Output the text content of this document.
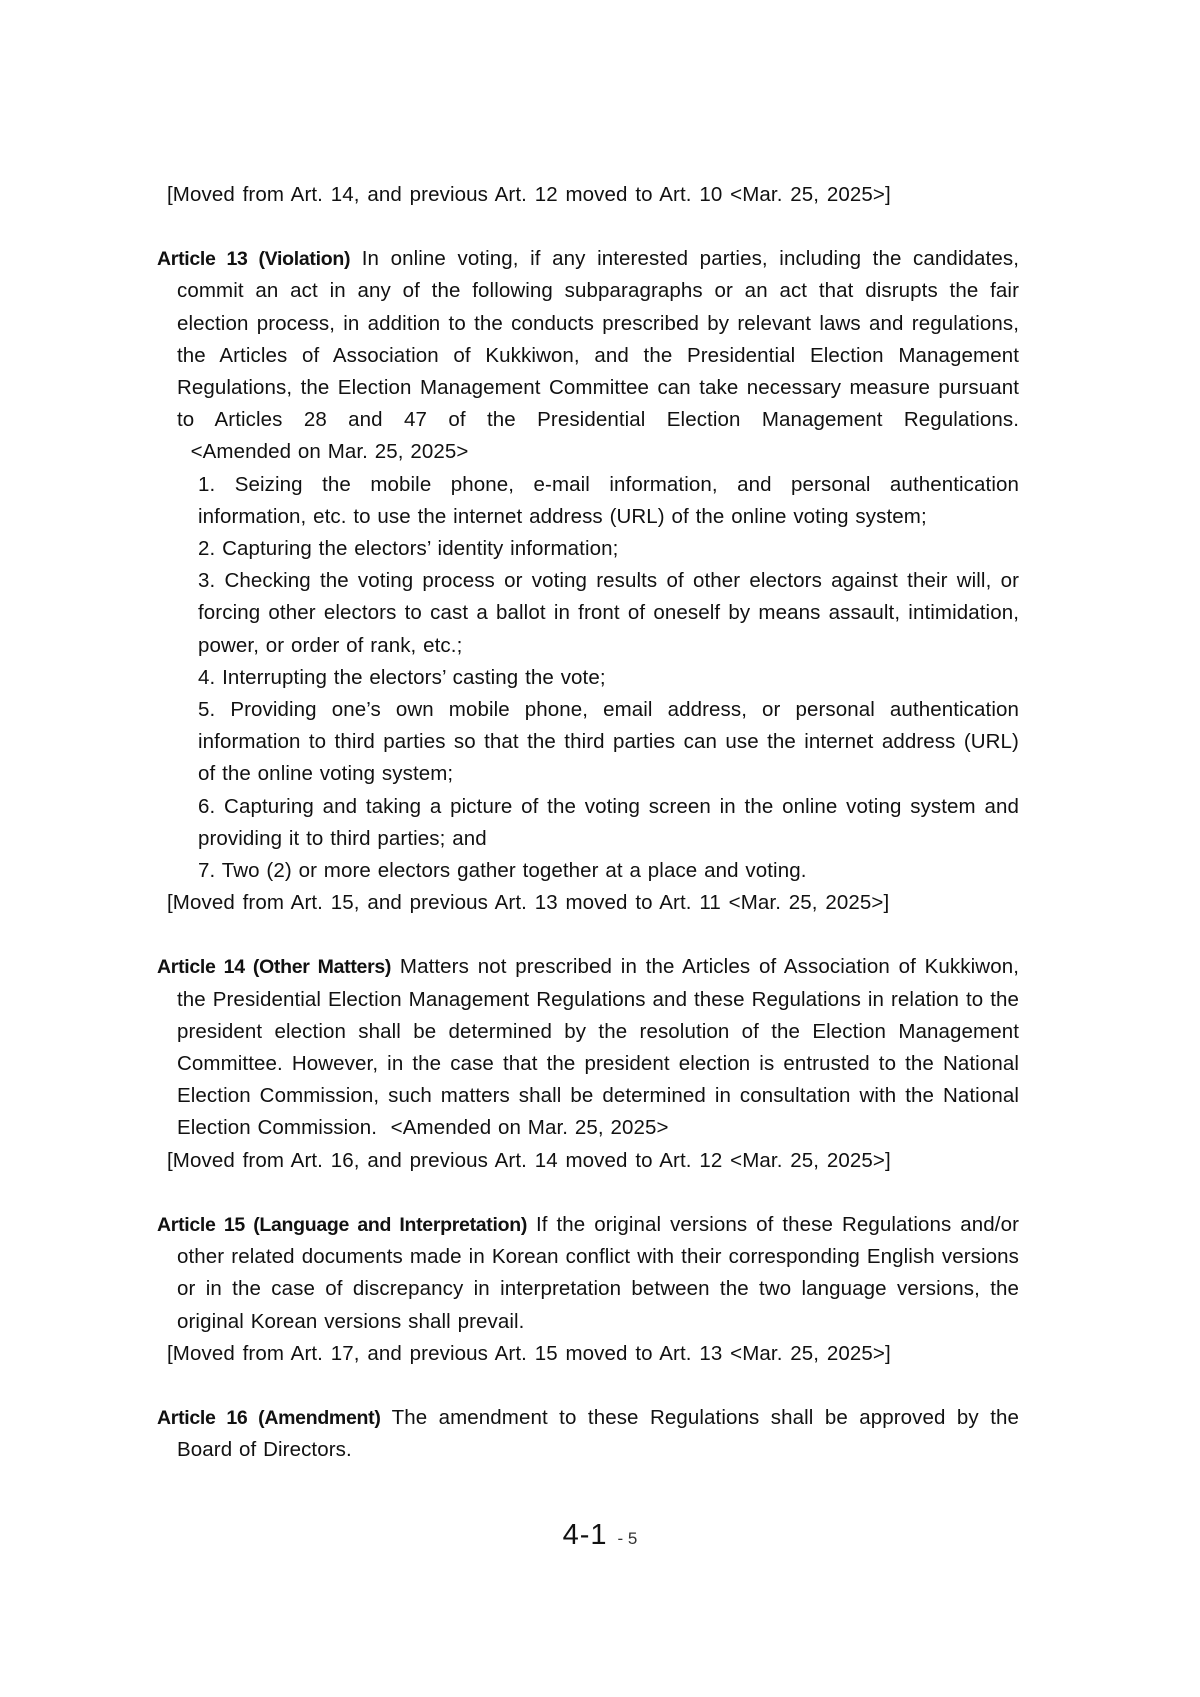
[Moved from Art. 14, and previous Art. 12 moved to Art. 10 <Mar. 25, 2025>]
Article 13 (Violation) In online voting, if any interested parties, including the candidates, commit an act in any of the following subparagraphs or an act that disrupts the fair election process, in addition to the conducts prescribed by relevant laws and regulations, the Articles of Association of Kukkiwon, and the Presidential Election Management Regulations, the Election Management Committee can take necessary measure pursuant to Articles 28 and 47 of the Presidential Election Management Regulations.  <Amended on Mar. 25, 2025>
1. Seizing the mobile phone, e-mail information, and personal authentication information, etc. to use the internet address (URL) of the online voting system;
2. Capturing the electors’ identity information;
3. Checking the voting process or voting results of other electors against their will, or forcing other electors to cast a ballot in front of oneself by means assault, intimidation, power, or order of rank, etc.;
4. Interrupting the electors’ casting the vote;
5. Providing one’s own mobile phone, email address, or personal authentication information to third parties so that the third parties can use the internet address (URL) of the online voting system;
6. Capturing and taking a picture of the voting screen in the online voting system and providing it to third parties; and
7. Two (2) or more electors gather together at a place and voting.
[Moved from Art. 15, and previous Art. 13 moved to Art. 11 <Mar. 25, 2025>]
Article 14 (Other Matters) Matters not prescribed in the Articles of Association of Kukkiwon, the Presidential Election Management Regulations and these Regulations in relation to the president election shall be determined by the resolution of the Election Management Committee. However, in the case that the president election is entrusted to the National Election Commission, such matters shall be determined in consultation with the National Election Commission.  <Amended on Mar. 25, 2025>
[Moved from Art. 16, and previous Art. 14 moved to Art. 12 <Mar. 25, 2025>]
Article 15 (Language and Interpretation) If the original versions of these Regulations and/or other related documents made in Korean conflict with their corresponding English versions or in the case of discrepancy in interpretation between the two language versions, the original Korean versions shall prevail.
[Moved from Art. 17, and previous Art. 15 moved to Art. 13 <Mar. 25, 2025>]
Article 16 (Amendment) The amendment to these Regulations shall be approved by the Board of Directors.
4-1 - 5
